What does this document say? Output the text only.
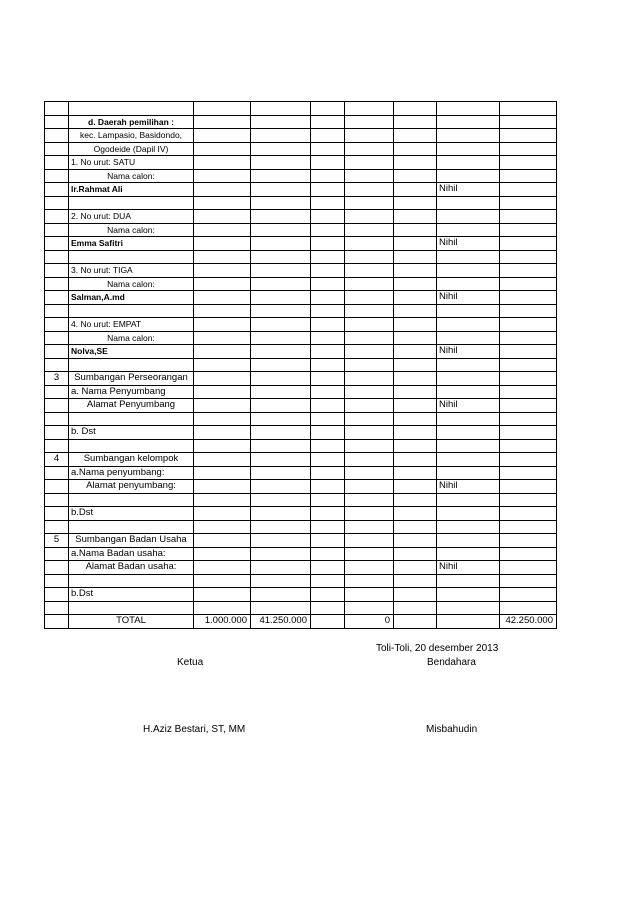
	d. Daerah pemilihan :							
	kec. Lampasio, Basidondo,							
	Ogodeide (Dapil IV)							
	1. No urut: SATU							
	Nama calon:							
	Ir.Rahmat Ali						Nihil	

	2. No urut: DUA							
	Nama calon:							
	Emma Safitri						Nihil	

	3. No urut: TIGA							
	Nama calon:							
	Salman,A.md						Nihil	

	4. No urut: EMPAT							
	Nama calon:							
	Nolva,SE						Nihil	

3	Sumbangan Perseorangan							
	a. Nama Penyumbang							
	Alamat Penyumbang						Nihil	

	b. Dst							

4	Sumbangan kelompok							
	a.Nama penyumbang:							
	Alamat penyumbang:						Nihil	

	b.Dst							

5	Sumbangan Badan Usaha							
	a.Nama Badan usaha:							
	Alamat Badan usaha:						Nihil	

	b.Dst							

	TOTAL	1.000.000	41.250.000		0			42.250.000
Toli-Toli, 20 desember 2013
Ketua	Bendahara
H.Aziz Bestari, ST, MM	Misbahudin
